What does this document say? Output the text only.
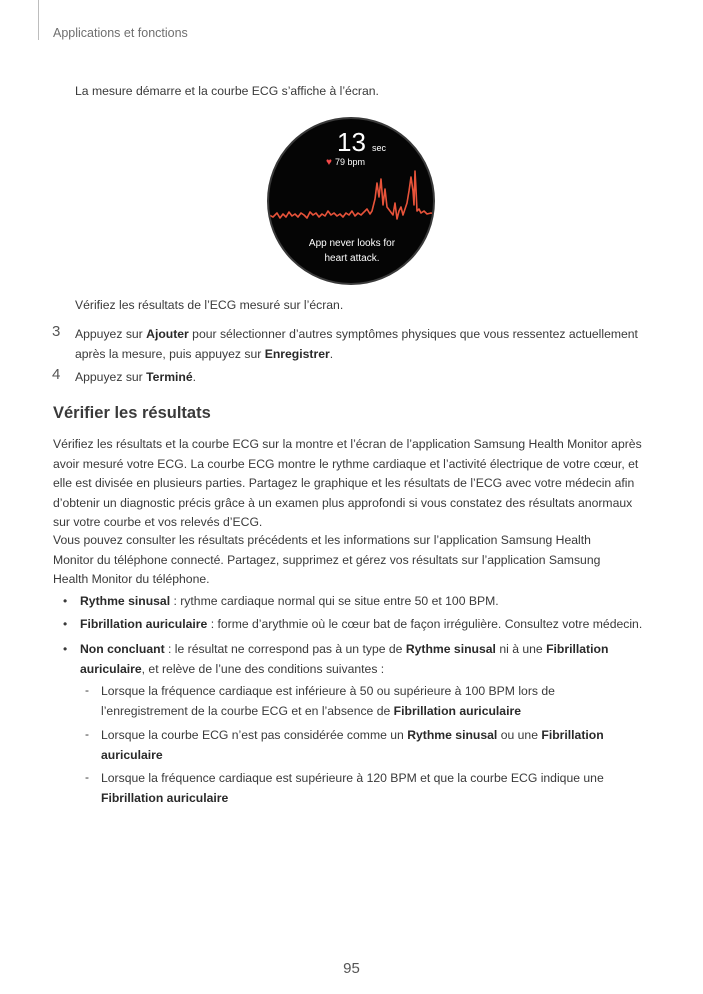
Applications et fonctions
La mesure démarre et la courbe ECG s’affiche à l’écran.
13 sec
♥ 79 bpm
App never looks for
heart attack.
Vérifiez les résultats de l’ECG mesuré sur l’écran.
3 Appuyez sur Ajouter pour sélectionner d’autres symptômes physiques que vous ressentez actuellement
après la mesure, puis appuyez sur Enregistrer.
4 Appuyez sur Terminé.
Vérifier les résultats
Vérifiez les résultats et la courbe ECG sur la montre et l’écran de l’application Samsung Health Monitor après
avoir mesuré votre ECG. La courbe ECG montre le rythme cardiaque et l’activité électrique de votre cœur, et
elle est divisée en plusieurs parties. Partagez le graphique et les résultats de l’ECG avec votre médecin afin
d’obtenir un diagnostic précis grâce à un examen plus approfondi si vous constatez des résultats anormaux
sur votre courbe et vos relevés d’ECG.
Vous pouvez consulter les résultats précédents et les informations sur l’application Samsung Health
Monitor du téléphone connecté. Partagez, supprimez et gérez vos résultats sur l’application Samsung
Health Monitor du téléphone.
• Rythme sinusal : rythme cardiaque normal qui se situe entre 50 et 100 BPM.
• Fibrillation auriculaire : forme d’arythmie où le cœur bat de façon irrégulière. Consultez votre médecin.
• Non concluant : le résultat ne correspond pas à un type de Rythme sinusal ni à une Fibrillation
auriculaire, et relève de l’une des conditions suivantes :
- Lorsque la fréquence cardiaque est inférieure à 50 ou supérieure à 100 BPM lors de
l’enregistrement de la courbe ECG et en l’absence de Fibrillation auriculaire
- Lorsque la courbe ECG n’est pas considérée comme un Rythme sinusal ou une Fibrillation
auriculaire
- Lorsque la fréquence cardiaque est supérieure à 120 BPM et que la courbe ECG indique une
Fibrillation auriculaire
95
